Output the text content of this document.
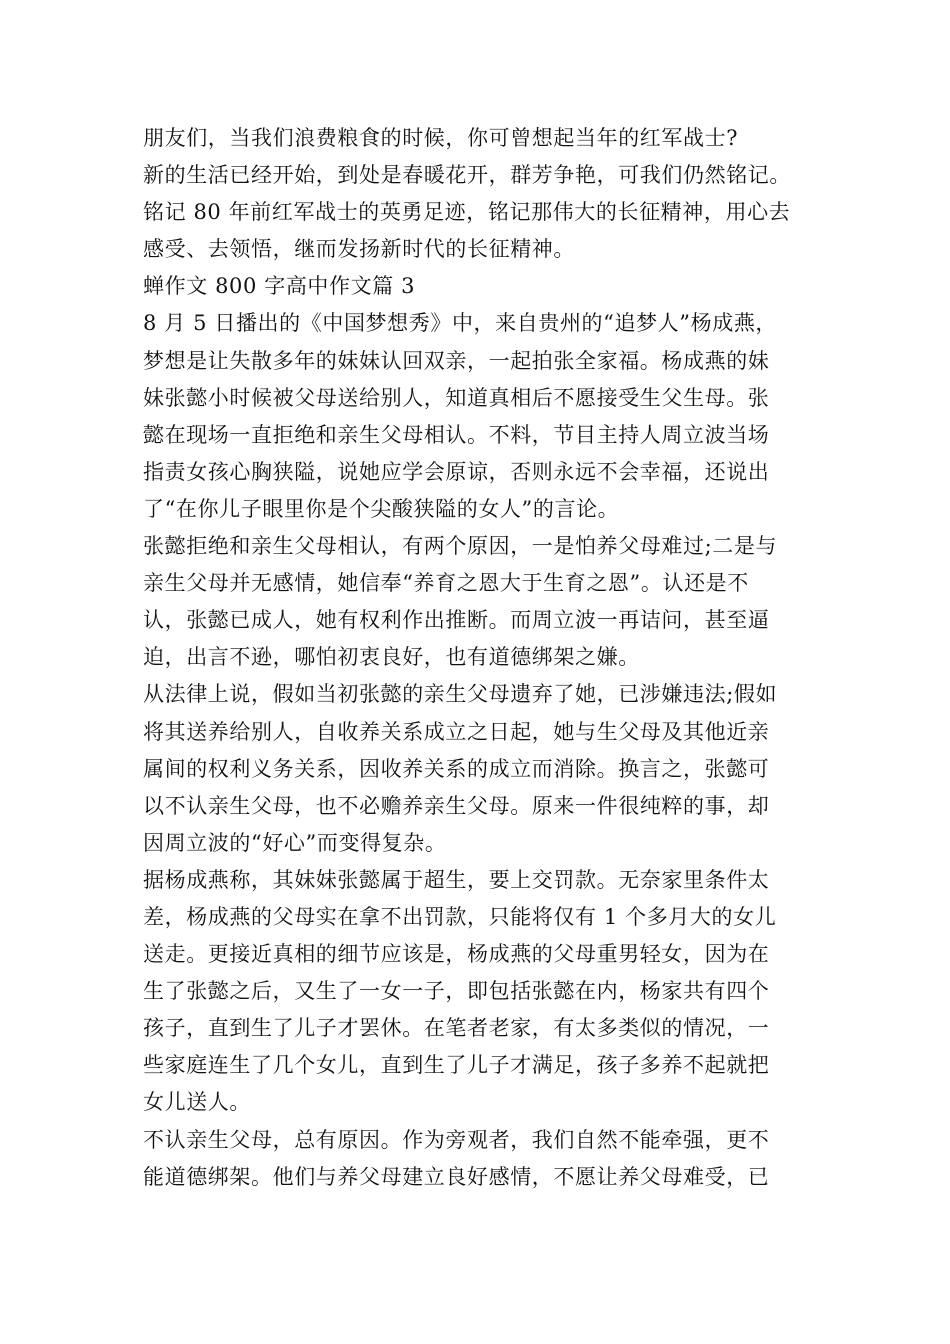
朋友们，当我们浪费粮食的时候，你可曾想起当年的红军战士?
新的生活已经开始，到处是春暖花开，群芳争艳，可我们仍然铭记。
铭记 80 年前红军战士的英勇足迹，铭记那伟大的长征精神，用心去
感受、去领悟，继而发扬新时代的长征精神。
蝉作文 800 字高中作文篇 3
8 月 5 日播出的《中国梦想秀》中，来自贵州的“追梦人”杨成燕，
梦想是让失散多年的妹妹认回双亲，一起拍张全家福。杨成燕的妹
妹张懿小时候被父母送给别人，知道真相后不愿接受生父生母。张
懿在现场一直拒绝和亲生父母相认。不料，节目主持人周立波当场
指责女孩心胸狭隘，说她应学会原谅，否则永远不会幸福，还说出
了“在你儿子眼里你是个尖酸狭隘的女人”的言论。
张懿拒绝和亲生父母相认，有两个原因，一是怕养父母难过;二是与
亲生父母并无感情，她信奉“养育之恩大于生育之恩”。认还是不
认，张懿已成人，她有权利作出推断。而周立波一再诘问，甚至逼
迫，出言不逊，哪怕初衷良好，也有道德绑架之嫌。
从法律上说，假如当初张懿的亲生父母遗弃了她，已涉嫌违法;假如
将其送养给别人，自收养关系成立之日起，她与生父母及其他近亲
属间的权利义务关系，因收养关系的成立而消除。换言之，张懿可
以不认亲生父母，也不必赡养亲生父母。原来一件很纯粹的事，却
因周立波的“好心”而变得复杂。
据杨成燕称，其妹妹张懿属于超生，要上交罚款。无奈家里条件太
差，杨成燕的父母实在拿不出罚款，只能将仅有 1 个多月大的女儿
送走。更接近真相的细节应该是，杨成燕的父母重男轻女，因为在
生了张懿之后，又生了一女一子，即包括张懿在内，杨家共有四个
孩子，直到生了儿子才罢休。在笔者老家，有太多类似的情况，一
些家庭连生了几个女儿，直到生了儿子才满足，孩子多养不起就把
女儿送人。
不认亲生父母，总有原因。作为旁观者，我们自然不能牵强，更不
能道德绑架。他们与养父母建立良好感情，不愿让养父母难受，已
